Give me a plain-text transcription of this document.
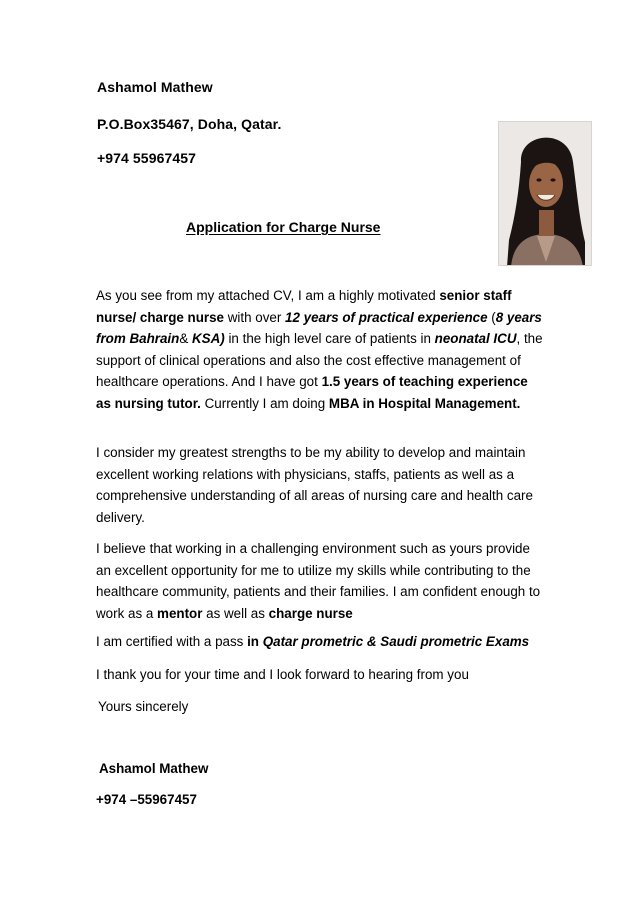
Ashamol Mathew
P.O.Box35467, Doha, Qatar.
+974 55967457
Application for Charge Nurse

As you see from my attached CV, I am a highly motivated senior staff nurse/ charge nurse with over 12 years of practical experience (8 years from Bahrain& KSA) in the high level care of patients in neonatal ICU, the support of clinical operations and also the cost effective management of healthcare operations. And I have got 1.5 years of teaching experience as nursing tutor. Currently I am doing MBA in Hospital Management.

I consider my greatest strengths to be my ability to develop and maintain excellent working relations with physicians, staffs, patients as well as a comprehensive understanding of all areas of nursing care and health care delivery.

I believe that working in a challenging environment such as yours provide an excellent opportunity for me to utilize my skills while contributing to the healthcare community, patients and their families. I am confident enough to work as a mentor as well as charge nurse

I am certified with a pass in Qatar prometric & Saudi prometric Exams

I thank you for your time and I look forward to hearing from you

Yours sincerely

Ashamol Mathew
+974 –55967457
